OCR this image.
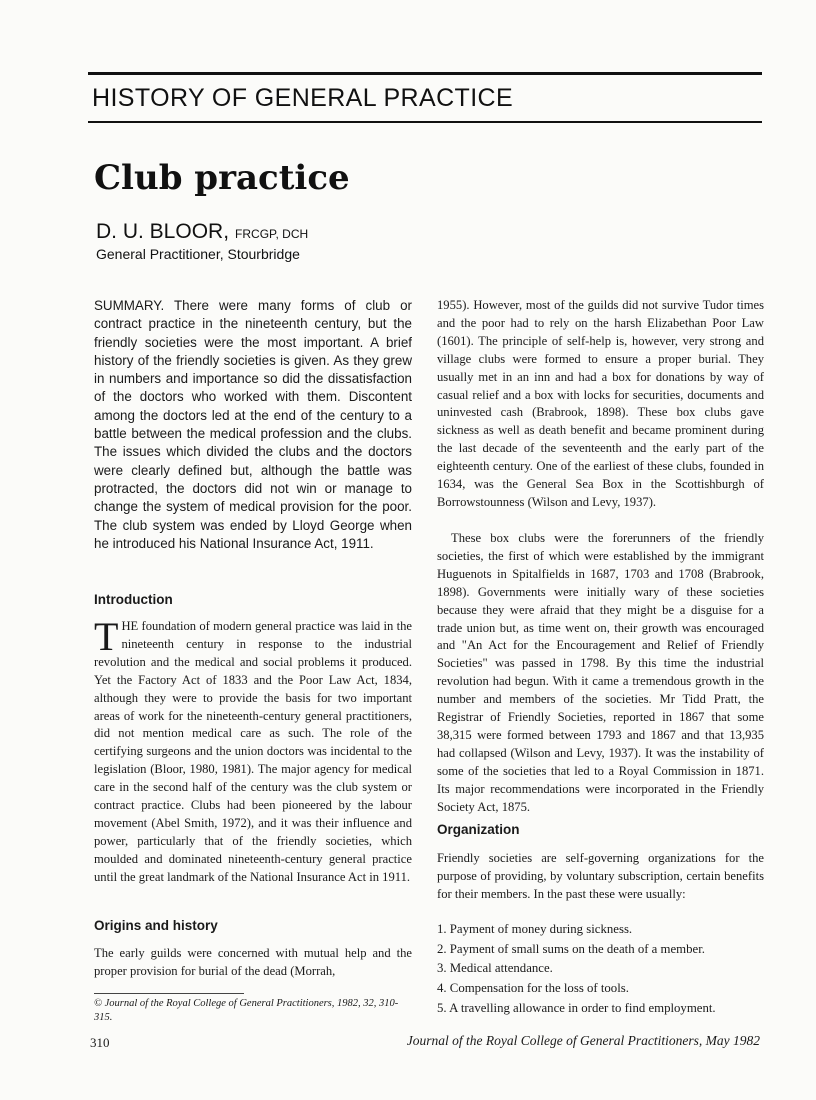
HISTORY OF GENERAL PRACTICE
Club practice
D. U. BLOOR, FRCGP, DCH
General Practitioner, Stourbridge

SUMMARY. There were many forms of club or contract practice in the nineteenth century, but the friendly societies were the most important. A brief history of the friendly societies is given. As they grew in numbers and importance so did the dissatisfaction of the doctors who worked with them. Discontent among the doctors led at the end of the century to a battle between the medical profession and the clubs. The issues which divided the clubs and the doctors were clearly defined but, although the battle was protracted, the doctors did not win or manage to change the system of medical provision for the poor. The club system was ended by Lloyd George when he introduced his National Insurance Act, 1911.

Introduction

THE foundation of modern general practice was laid in the nineteenth century in response to the industrial revolution and the medical and social problems it produced. Yet the Factory Act of 1833 and the Poor Law Act, 1834, although they were to provide the basis for two important areas of work for the nineteenth-century general practitioners, did not mention medical care as such. The role of the certifying surgeons and the union doctors was incidental to the legislation (Bloor, 1980, 1981). The major agency for medical care in the second half of the century was the club system or contract practice. Clubs had been pioneered by the labour movement (Abel Smith, 1972), and it was their influence and power, particularly that of the friendly societies, which moulded and dominated nineteenth-century general practice until the great landmark of the National Insurance Act in 1911.

Origins and history

The early guilds were concerned with mutual help and the proper provision for burial of the dead (Morrah,

© Journal of the Royal College of General Practitioners, 1982, 32, 310-315.

1955). However, most of the guilds did not survive Tudor times and the poor had to rely on the harsh Elizabethan Poor Law (1601). The principle of self-help is, however, very strong and village clubs were formed to ensure a proper burial. They usually met in an inn and had a box for donations by way of casual relief and a box with locks for securities, documents and uninvested cash (Brabrook, 1898). These box clubs gave sickness as well as death benefit and became prominent during the last decade of the seventeenth and the early part of the eighteenth century. One of the earliest of these clubs, founded in 1634, was the General Sea Box in the Scottishburgh of Borrowstounness (Wilson and Levy, 1937).

These box clubs were the forerunners of the friendly societies, the first of which were established by the immigrant Huguenots in Spitalfields in 1687, 1703 and 1708 (Brabrook, 1898). Governments were initially wary of these societies because they were afraid that they might be a disguise for a trade union but, as time went on, their growth was encouraged and "An Act for the Encouragement and Relief of Friendly Societies" was passed in 1798. By this time the industrial revolution had begun. With it came a tremendous growth in the number and members of the societies. Mr Tidd Pratt, the Registrar of Friendly Societies, reported in 1867 that some 38,315 were formed between 1793 and 1867 and that 13,935 had collapsed (Wilson and Levy, 1937). It was the instability of some of the societies that led to a Royal Commission in 1871. Its major recommendations were incorporated in the Friendly Society Act, 1875.

Organization

Friendly societies are self-governing organizations for the purpose of providing, by voluntary subscription, certain benefits for their members. In the past these were usually:

1. Payment of money during sickness.
2. Payment of small sums on the death of a member.
3. Medical attendance.
4. Compensation for the loss of tools.
5. A travelling allowance in order to find employment.
310	Journal of the Royal College of General Practitioners, May 1982
